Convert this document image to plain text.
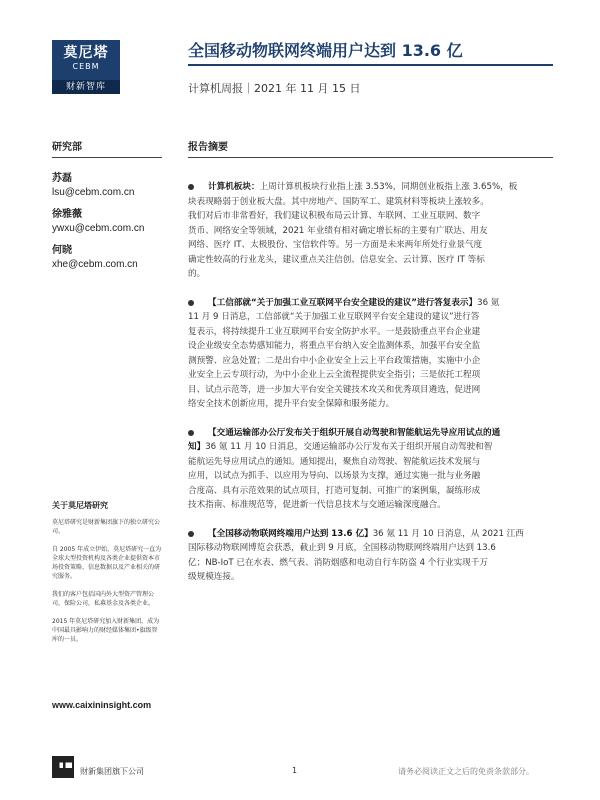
莫尼塔
CEBM
财新智库
全国移动物联网终端用户达到 13.6 亿
计算机周报｜2021 年 11 月 15 日
研究部	报告摘要
苏磊
lsu@cebm.com.cn
徐雅薇
ywxu@cebm.com.cn
何晓
xhe@cebm.com.cn
关于莫尼塔研究

莫尼塔研究是财新集团旗下的独立研究公司。

自 2005 年成立伊始，莫尼塔研究一直为全球大型投资机构及各类企业提供资本市场投资策略、信息数据以及产业相关的研究服务。

我们的客户包括国内外大型资产管理公司，保险公司，私募基金及各类企业。

2015 年莫尼塔研究加入财新集团，成为中国最具影响力的财经媒体集团•旗级智库的一员。

www.caixininsight.com
计算机板块：上周计算机板块行业指上涨 3.53%，同期创业板指上涨 3.65%，板
块表现略弱于创业板大盘。其中房地产、国防军工、建筑材料等板块上涨较多。
我们对后市非常看好，我们建议积极布局云计算、车联网、工业互联网、数字
货币、网络安全等领域，2021 年业绩有相对确定增长标的主要有广联达、用友
网络、医疗 IT、太极股份、宝信软件等。另一方面是未来两年所处行业景气度
确定性较高的行业龙头，建议重点关注信创、信息安全、云计算、医疗 IT 等标
的。
【工信部就“关于加强工业互联网平台安全建设的建议”进行答复表示】36 氪
11 月 9 日消息，工信部就“关于加强工业互联网平台安全建设的建议”进行答
复表示，将持续提升工业互联网平台安全防护水平。一是鼓励重点平台企业建
设企业级安全态势感知能力，将重点平台纳入安全监测体系，加强平台安全监
测预警、应急处置；二是出台中小企业安全上云上平台政策措施，实施中小企
业安全上云专项行动，为中小企业上云全流程提供安全指引；三是依托工程项
目、试点示范等，进一步加大平台安全关键技术攻关和优秀项目遴选，促进网
络安全技术创新应用，提升平台安全保障和服务能力。
【交通运输部办公厅发布关于组织开展自动驾驶和智能航运先导应用试点的通
知】36 氪 11 月 10 日消息，交通运输部办公厅发布关于组织开展自动驾驶和智
能航运先导应用试点的通知。通知提出，聚焦自动驾驶、智能航运技术发展与
应用，以试点为抓手、以应用为导向、以场景为支撑，通过实施一批与业务融
合度高、具有示范效果的试点项目，打造可复制、可推广的案例集，凝练形成
技术指南、标准规范等，促进新一代信息技术与交通运输深度融合。
【全国移动物联网终端用户达到 13.6 亿】36 氪 11 月 10 日消息，从 2021 江西
国际移动物联网博览会获悉，截止到 9 月底，全国移动物联网终端用户达到 13.6
亿；NB-IoT 已在水表、燃气表、消防烟感和电动自行车防盗 4 个行业实现千万
级规模连接。
财新集团旗下公司	1	请务必阅读正文之后的免责条款部分。
